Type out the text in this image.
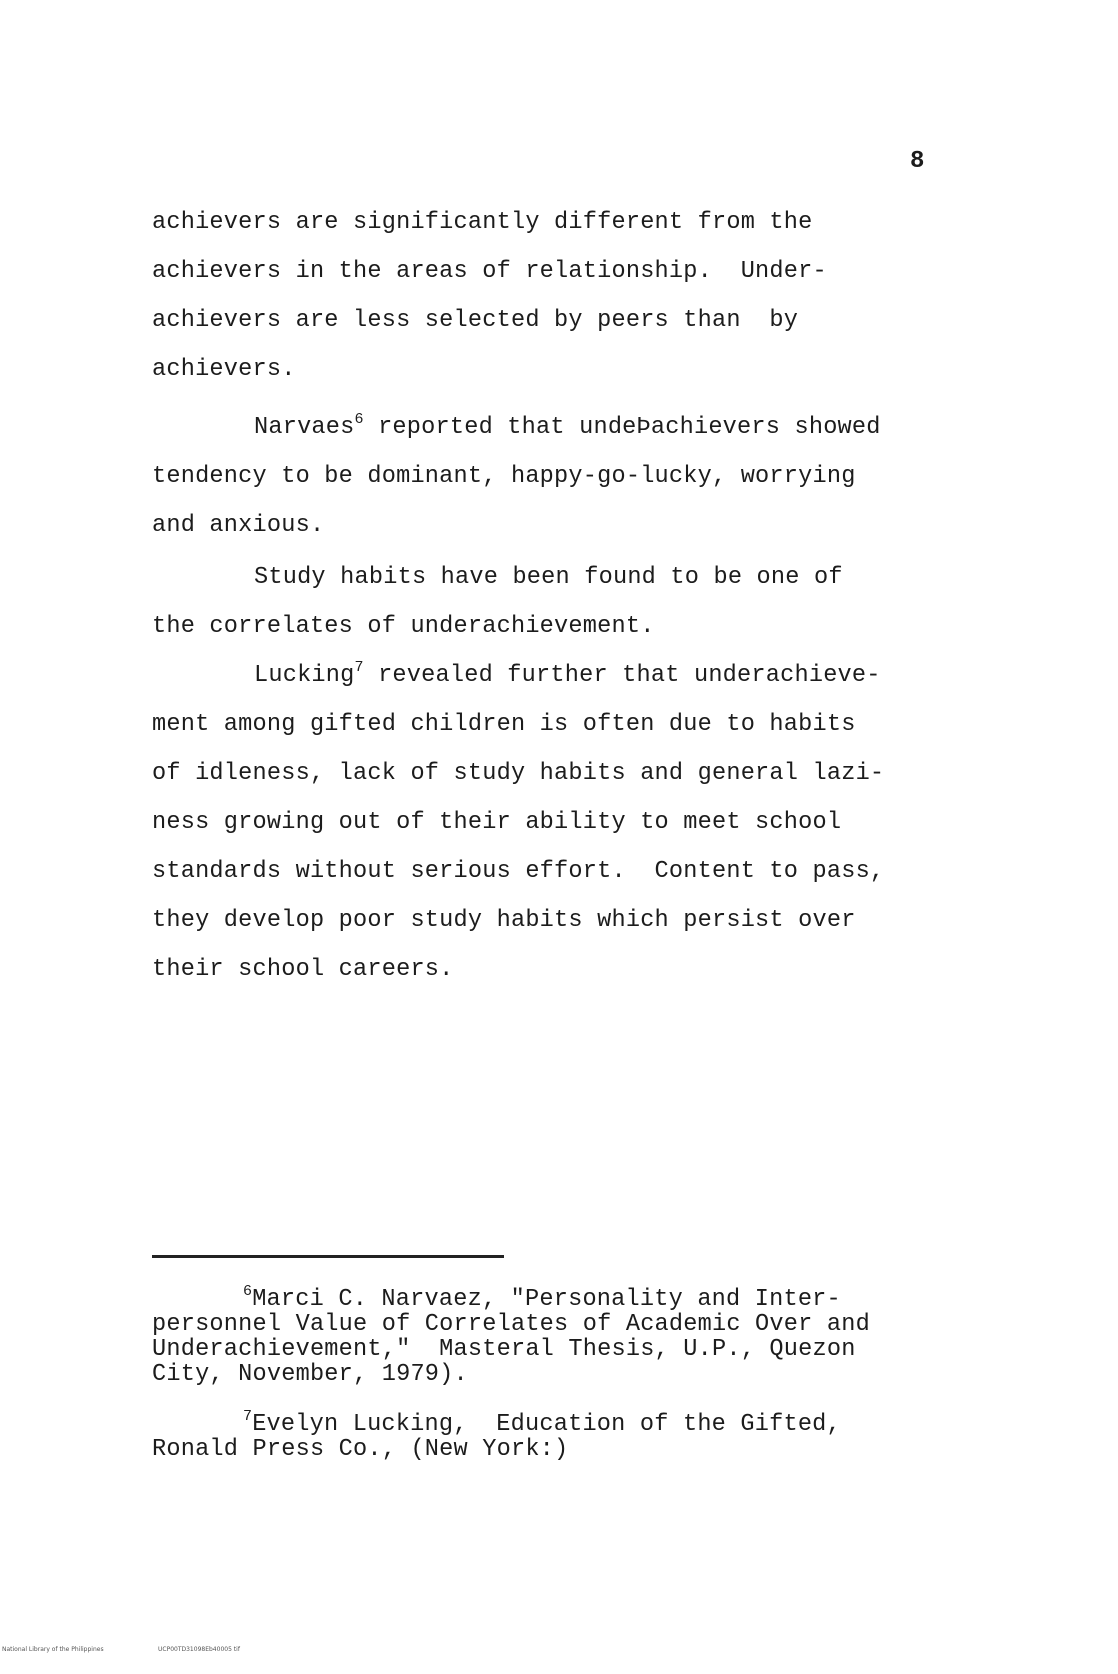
8

achievers are significantly different from the

achievers in the areas of relationship.  Under-

achievers are less selected by peers than  by

achievers.

Narvaes$^6$ reported that undeÞachievers showed

tendency to be dominant, happy-go-lucky, worrying

and anxious.

Study habits have been found to be one of

the correlates of underachievement.

Lucking$^7$ revealed further that underachieve-

ment among gifted children is often due to habits

of idleness, lack of study habits and general lazi-

ness growing out of their ability to meet school

standards without serious effort.  Content to pass,

they develop poor study habits which persist over

their school careers.

$^6$Marci C. Narvaez, "Personality and Inter-

personnel Value of Correlates of Academic Over and

Underachievement,"  Masteral Thesis, U.P., Quezon

City, November, 1979).

$^7$Evelyn Lucking,  Education of the Gifted,

Ronald Press Co., (New York:)

National Library of the Philippines

	UCP00TD31098Eb40005 tif
